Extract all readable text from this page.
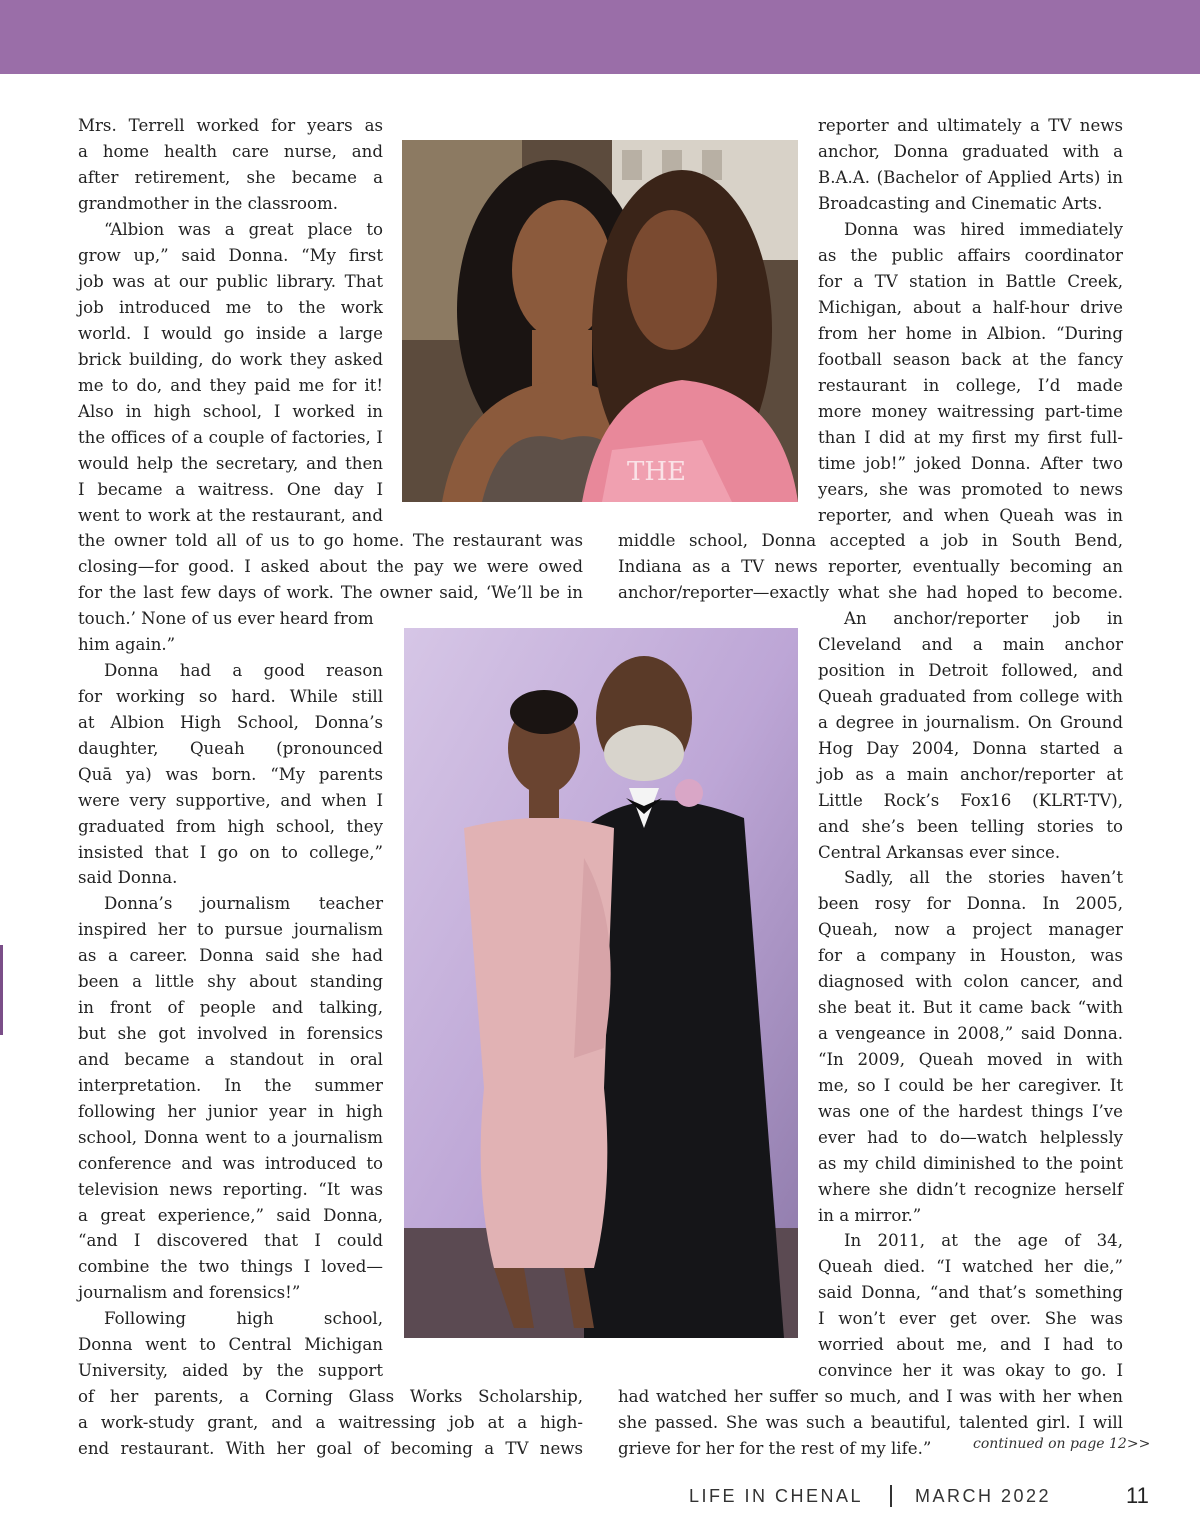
THE
Mrs. Terrell worked for years as
a home health care nurse, and
after retirement, she became a
grandmother in the classroom.
“Albion was a great place to
grow up,” said Donna. “My first
job was at our public library. That
job introduced me to the work
world. I would go inside a large
brick building, do work they asked
me to do, and they paid me for it!
Also in high school, I worked in
the offices of a couple of factories, I
would help the secretary, and then
I became a waitress. One day I
went to work at the restaurant, and
the owner told all of us to go home. The restaurant was
closing—for good. I asked about the pay we were owed
for the last few days of work. The owner said, ‘We’ll be in
touch.’ None of us ever heard from
him again.”
Donna had a good reason
for working so hard. While still
at Albion High School, Donna’s
daughter, Queah (pronounced
Quā ya) was born. “My parents
were very supportive, and when I
graduated from high school, they
insisted that I go on to college,”
said Donna.
Donna’s journalism teacher
inspired her to pursue journalism
as a career. Donna said she had
been a little shy about standing
in front of people and talking,
but she got involved in forensics
and became a standout in oral
interpretation. In the summer
following her junior year in high
school, Donna went to a journalism
conference and was introduced to
television news reporting. “It was
a great experience,” said Donna,
“and I discovered that I could
combine the two things I loved—
journalism and forensics!”
Following high school,
Donna went to Central Michigan
University, aided by the support
of her parents, a Corning Glass Works Scholarship,
a work-study grant, and a waitressing job at a high-
end restaurant. With her goal of becoming a TV news
reporter and ultimately a TV news
anchor, Donna graduated with a
B.A.A. (Bachelor of Applied Arts) in
Broadcasting and Cinematic Arts.
Donna was hired immediately
as the public affairs coordinator
for a TV station in Battle Creek,
Michigan, about a half-hour drive
from her home in Albion. “During
football season back at the fancy
restaurant in college, I’d made
more money waitressing part-time
than I did at my first my first full-
time job!” joked Donna. After two
years, she was promoted to news
reporter, and when Queah was in
middle school, Donna accepted a job in South Bend,
Indiana as a TV news reporter, eventually becoming an
anchor/reporter—exactly what she had hoped to become.
An anchor/reporter job in
Cleveland and a main anchor
position in Detroit followed, and
Queah graduated from college with
a degree in journalism. On Ground
Hog Day 2004, Donna started a
job as a main anchor/reporter at
Little Rock’s Fox16 (KLRT-TV),
and she’s been telling stories to
Central Arkansas ever since.
Sadly, all the stories haven’t
been rosy for Donna. In 2005,
Queah, now a project manager
for a company in Houston, was
diagnosed with colon cancer, and
she beat it. But it came back “with
a vengeance in 2008,” said Donna.
“In 2009, Queah moved in with
me, so I could be her caregiver. It
was one of the hardest things I’ve
ever had to do—watch helplessly
as my child diminished to the point
where she didn’t recognize herself
in a mirror.”
In 2011, at the age of 34,
Queah died. “I watched her die,”
said Donna, “and that’s something
I won’t ever get over. She was
worried about me, and I had to
convince her it was okay to go. I
had watched her suffer so much, and I was with her when
she passed. She was such a beautiful, talented girl. I will
grieve for her for the rest of my life.”	continued on page 12>>
LIFE IN CHENAL	MARCH 2022	11
